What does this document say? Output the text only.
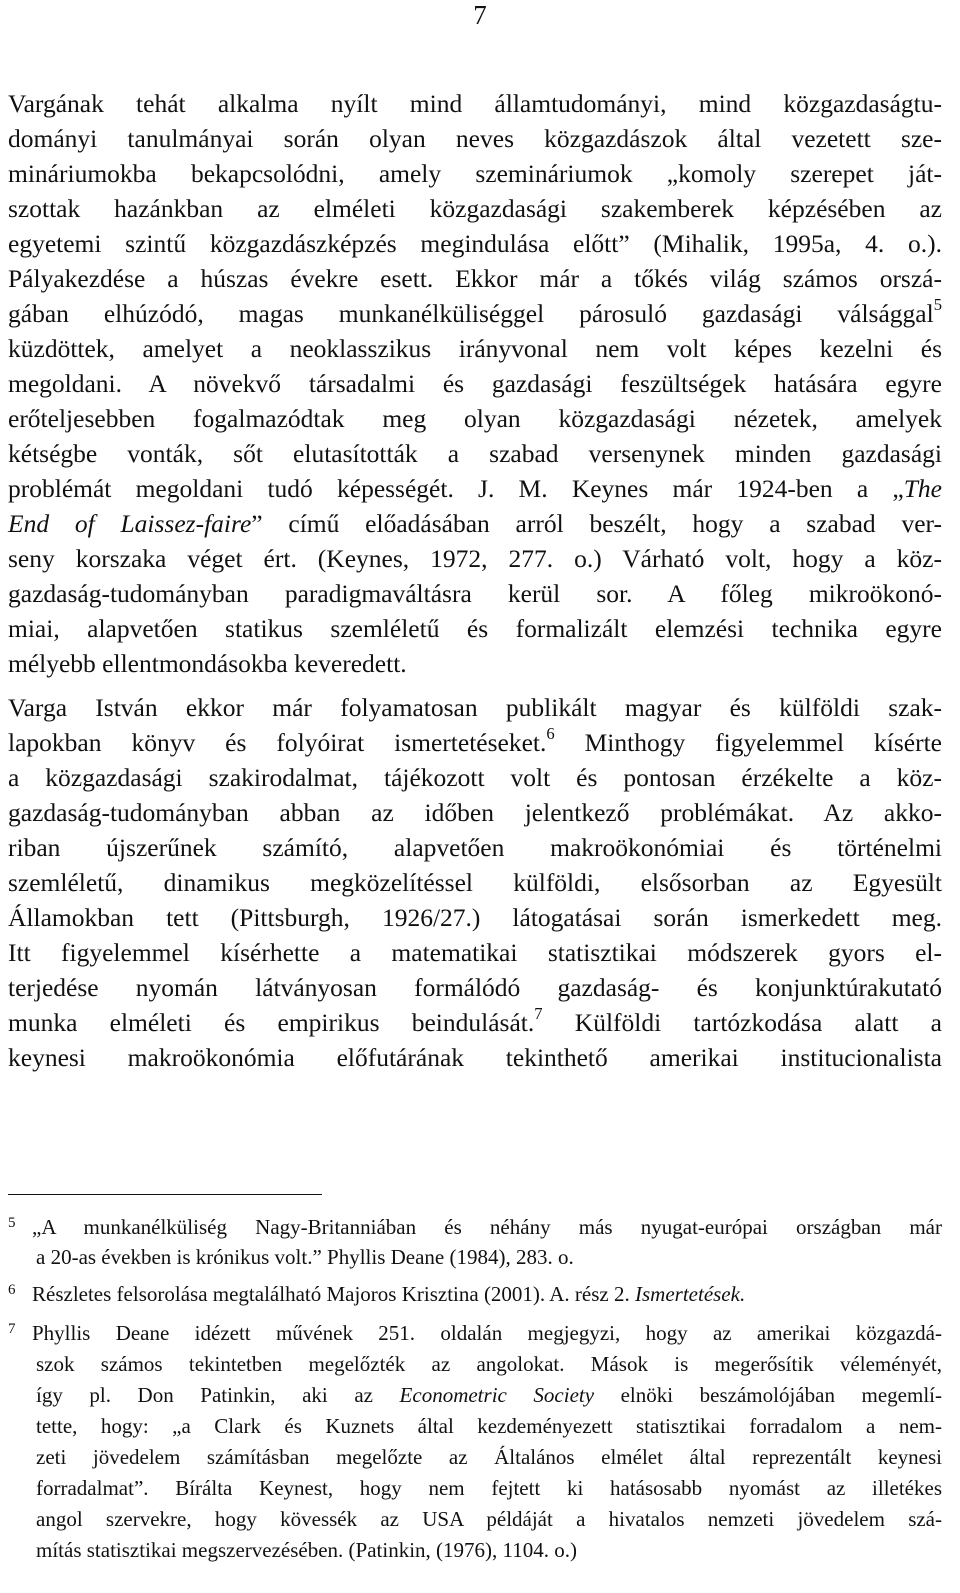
7
Vargának tehát alkalma nyílt mind államtudományi, mind közgazdaságtu-
dományi tanulmányai során olyan neves közgazdászok által vezetett sze-
mináriumokba bekapcsolódni, amely szemináriumok „komoly szerepet ját-
szottak hazánkban az elméleti közgazdasági szakemberek képzésében az
egyetemi szintű közgazdászképzés megindulása előtt” (Mihalik, 1995a, 4. o.).
Pályakezdése a húszas évekre esett. Ekkor már a tőkés világ számos orszá-
gában elhúzódó, magas munkanélküliséggel párosuló gazdasági válsággal$^5$
küzdöttek, amelyet a neoklasszikus irányvonal nem volt képes kezelni és
megoldani. A növekvő társadalmi és gazdasági feszültségek hatására egyre
erőteljesebben fogalmazódtak meg olyan közgazdasági nézetek, amelyek
kétségbe vonták, sőt elutasították a szabad versenynek minden gazdasági
problémát megoldani tudó képességét. J. M. Keynes már 1924-ben a „The
End of Laissez-faire” című előadásában arról beszélt, hogy a szabad ver-
seny korszaka véget ért. (Keynes, 1972, 277. o.) Várható volt, hogy a köz-
gazdaság-tudományban paradigmaváltásra kerül sor. A főleg mikroökonó-
miai, alapvetően statikus szemléletű és formalizált elemzési technika egyre
mélyebb ellentmondásokba keveredett.
Varga István ekkor már folyamatosan publikált magyar és külföldi szak-
lapokban könyv és folyóirat ismertetéseket.$^6$ Minthogy figyelemmel kísérte
a közgazdasági szakirodalmat, tájékozott volt és pontosan érzékelte a köz-
gazdaság-tudományban abban az időben jelentkező problémákat. Az akko-
riban újszerűnek számító, alapvetően makroökonómiai és történelmi
szemléletű, dinamikus megközelítéssel külföldi, elsősorban az Egyesült
Államokban tett (Pittsburgh, 1926/27.) látogatásai során ismerkedett meg.
Itt figyelemmel kísérhette a matematikai statisztikai módszerek gyors el-
terjedése nyomán látványosan formálódó gazdaság- és konjunktúrakutató
munka elméleti és empirikus beindulását.$^7$ Külföldi tartózkodása alatt a
keynesi makroökonómia előfutárának tekinthető amerikai institucionalista
5 „A munkanélküliség Nagy-Britanniában és néhány más nyugat-európai országban már
a 20-as években is krónikus volt.” Phyllis Deane (1984), 283. o.
6 Részletes felsorolása megtalálható Majoros Krisztina (2001). A. rész 2. Ismertetések.
7 Phyllis Deane idézett művének 251. oldalán megjegyzi, hogy az amerikai közgazdá-
szok számos tekintetben megelőzték az angolokat. Mások is megerősítik véleményét,
így pl. Don Patinkin, aki az Econometric Society elnöki beszámolójában megemlí-
tette, hogy: „a Clark és Kuznets által kezdeményezett statisztikai forradalom a nem-
zeti jövedelem számításban megelőzte az Általános elmélet által reprezentált keynesi
forradalmat”. Bírálta Keynest, hogy nem fejtett ki hatásosabb nyomást az illetékes
angol szervekre, hogy kövessék az USA példáját a hivatalos nemzeti jövedelem szá-
mítás statisztikai megszervezésében. (Patinkin, (1976), 1104. o.)
